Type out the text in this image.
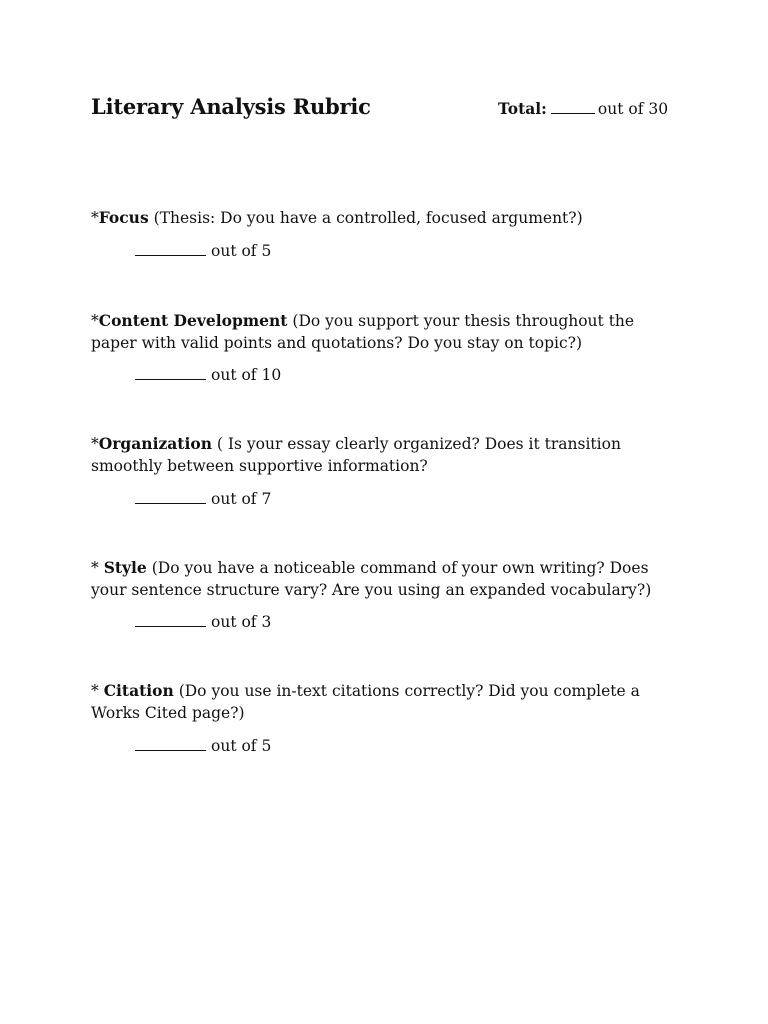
Literary Analysis Rubric	Total:	out of 30

*Focus (Thesis: Do you have a controlled, focused argument?)

out of 5

*Content Development (Do you support your thesis throughout the paper with valid points and quotations? Do you stay on topic?)

out of 10

*Organization ( Is your essay clearly organized? Does it transition smoothly between supportive information?

out of 7

* Style (Do you have a noticeable command of your own writing? Does your sentence structure vary? Are you using an expanded vocabulary?)

out of 3

* Citation (Do you use in-text citations correctly? Did you complete a Works Cited page?)

out of 5
